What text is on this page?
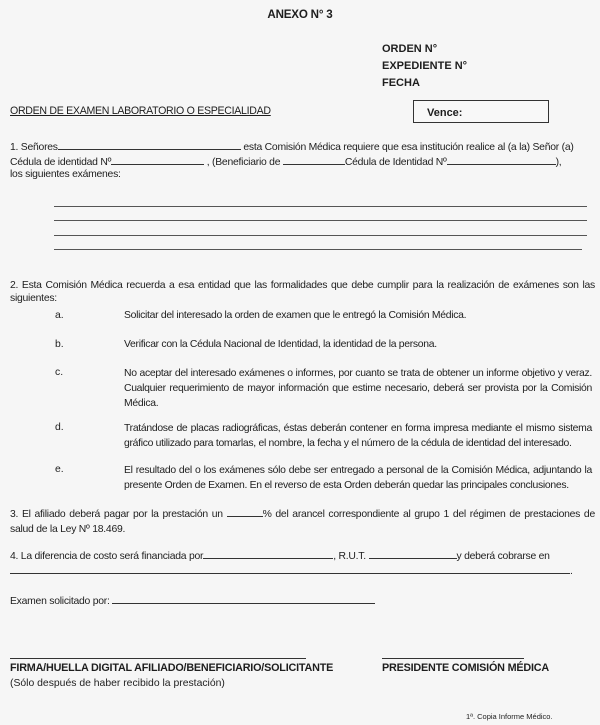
ANEXO N° 3
ORDEN N°
EXPEDIENTE N°
FECHA
ORDEN DE EXAMEN LABORATORIO O ESPECIALIDAD	Vence:
1. Señores	esta Comisión Médica requiere que esa institución realice al (a la) Señor (a)
Cédula de identidad Nº	, (Beneficiario de	Cédula de Identidad Nº	),
los siguientes exámenes:
2. Esta Comisión Médica recuerda a esa entidad que las formalidades que debe cumplir para la realización de exámenes son las siguientes:
a.	Solicitar del interesado la orden de examen que le entregó la Comisión Médica.
b.	Verificar con la Cédula Nacional de Identidad, la identidad de la persona.
c.	No aceptar del interesado exámenes o informes, por cuanto se trata de obtener un informe objetivo y veraz. Cualquier requerimiento de mayor información que estime necesario, deberá ser provista por la Comisión Médica.
d.	Tratándose de placas radiográficas, éstas deberán contener en forma impresa mediante el mismo sistema gráfico utilizado para tomarlas, el nombre, la fecha y el número de la cédula de identidad del interesado.
e.	El resultado del o los exámenes sólo debe ser entregado a personal de la Comisión Médica, adjuntando la presente Orden de Examen. En el reverso de esta Orden deberán quedar las principales conclusiones.
3. El afiliado deberá pagar por la prestación un	% del arancel correspondiente al grupo 1 del régimen de prestaciones de salud de la Ley Nº 18.469.
4. La diferencia de costo será financiada por	, R.U.T.	y deberá cobrarse en
.
Examen solicitado por:
FIRMA/HUELLA DIGITAL AFILIADO/BENEFICIARIO/SOLICITANTE
(Sólo después de haber recibido la prestación)
PRESIDENTE COMISIÓN MÉDICA
1ª. Copia Informe Médico.
